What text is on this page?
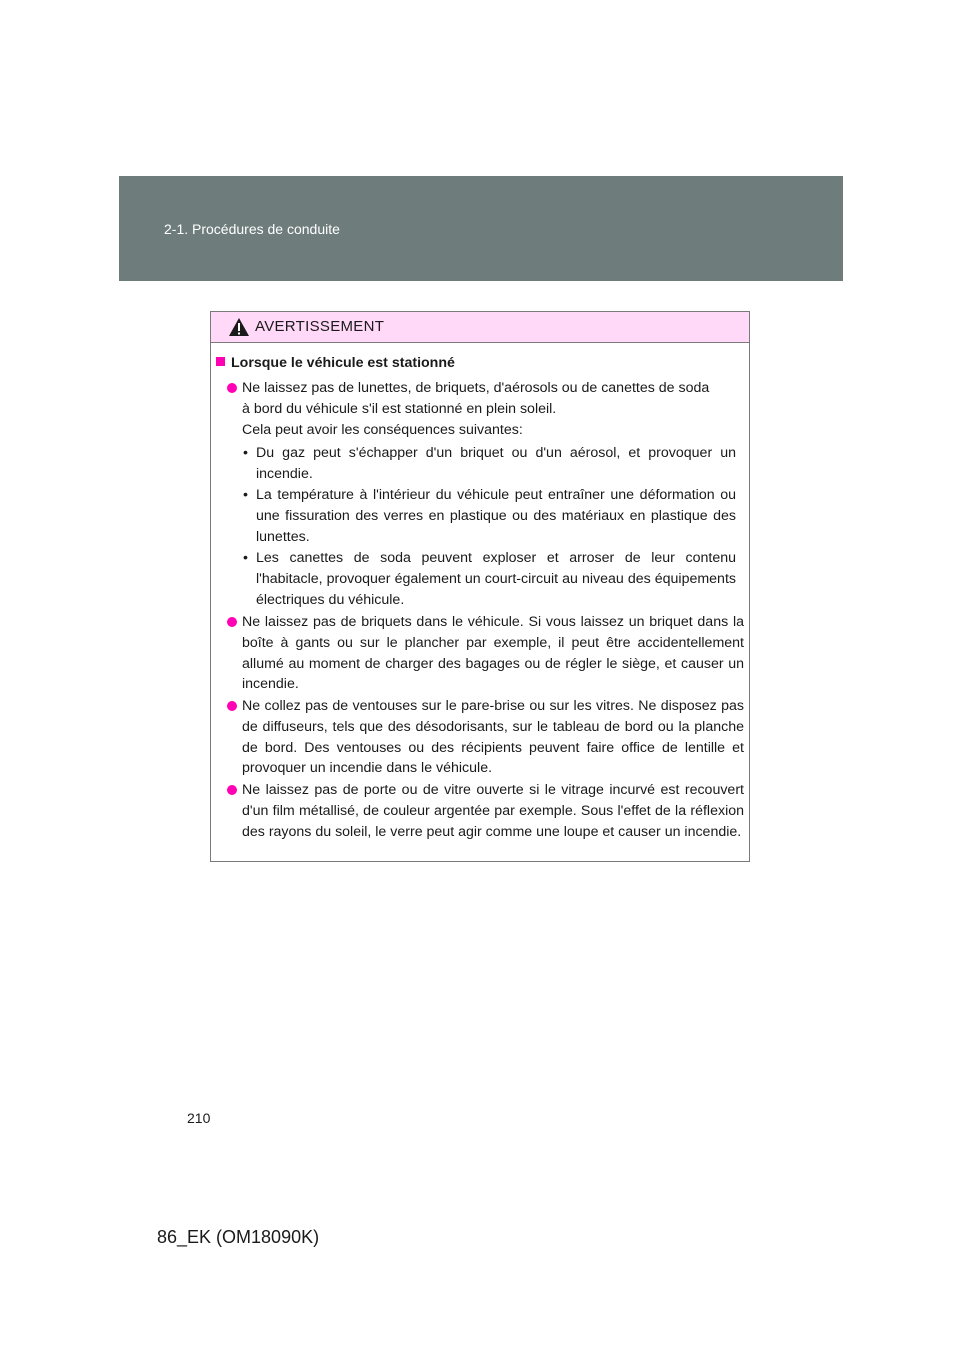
2-1. Procédures de conduite
AVERTISSEMENT
Lorsque le véhicule est stationné

Ne laissez pas de lunettes, de briquets, d'aérosols ou de canettes de soda

à bord du véhicule s'il est stationné en plein soleil.

Cela peut avoir les conséquences suivantes:

• Du gaz peut s'échapper d'un briquet ou d'un aérosol, et provoquer un incendie.
• La température à l'intérieur du véhicule peut entraîner une déformation ou une fissuration des verres en plastique ou des matériaux en plastique des lunettes.
• Les canettes de soda peuvent exploser et arroser de leur contenu l'habitacle, provoquer également un court-circuit au niveau des équipements électriques du véhicule.
Ne laissez pas de briquets dans le véhicule. Si vous laissez un briquet dans la boîte à gants ou sur le plancher par exemple, il peut être accidentellement allumé au moment de charger des bagages ou de régler le siège, et causer un incendie.
Ne collez pas de ventouses sur le pare-brise ou sur les vitres. Ne disposez pas de diffuseurs, tels que des désodorisants, sur le tableau de bord ou la planche de bord. Des ventouses ou des récipients peuvent faire office de lentille et provoquer un incendie dans le véhicule.
Ne laissez pas de porte ou de vitre ouverte si le vitrage incurvé est recouvert d'un film métallisé, de couleur argentée par exemple. Sous l'effet de la réflexion des rayons du soleil, le verre peut agir comme une loupe et causer un incendie.
210
86_EK (OM18090K)
